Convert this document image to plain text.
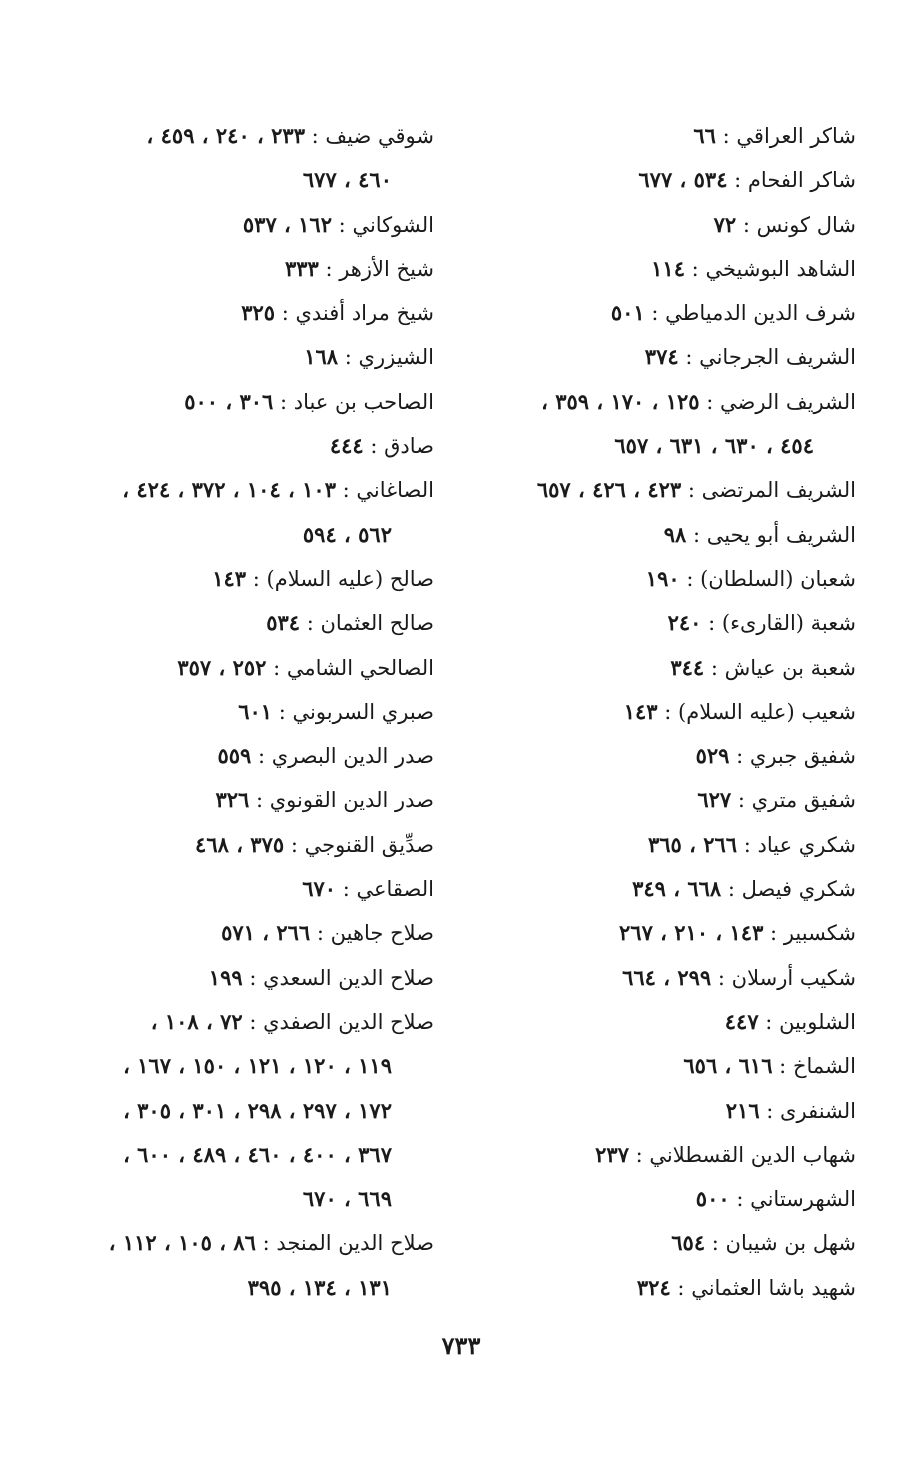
شاكر العراقي : ٦٦
شاكر الفحام : ٥٣٤ ، ٦٧٧
شال كونس : ٧٢
الشاهد البوشيخي : ١١٤
شرف الدين الدمياطي : ٥٠١
الشريف الجرجاني : ٣٧٤
الشريف الرضي : ١٢٥ ، ١٧٠ ، ٣٥٩ ،
٤٥٤ ، ٦٣٠ ، ٦٣١ ، ٦٥٧
الشريف المرتضى : ٤٢٣ ، ٤٢٦ ، ٦٥٧
الشريف أبو يحيى : ٩٨
شعبان (السلطان) : ١٩٠
شعبة (القارىء) : ٢٤٠
شعبة بن عياش : ٣٤٤
شعيب (عليه السلام) : ١٤٣
شفيق جبري : ٥٢٩
شفيق متري : ٦٢٧
شكري عياد : ٢٦٦ ، ٣٦٥
شكري فيصل : ٦٦٨ ، ٣٤٩
شكسبير : ١٤٣ ، ٢١٠ ، ٢٦٧
شكيب أرسلان : ٢٩٩ ، ٦٦٤
الشلوبين : ٤٤٧
الشماخ : ٦١٦ ، ٦٥٦
الشنفرى : ٢١٦
شهاب الدين القسطلاني : ٢٣٧
الشهرستاني : ٥٠٠
شهل بن شيبان : ٦٥٤
شهيد باشا العثماني : ٣٢٤
شوقي ضيف : ٢٣٣ ، ٢٤٠ ، ٤٥٩ ،
٤٦٠ ، ٦٧٧
الشوكاني : ١٦٢ ، ٥٣٧
شيخ الأزهر : ٣٣٣
شيخ مراد أفندي : ٣٢٥
الشيزري : ١٦٨
الصاحب بن عباد : ٣٠٦ ، ٥٠٠
صادق : ٤٤٤
الصاغاني : ١٠٣ ، ١٠٤ ، ٣٧٢ ، ٤٢٤ ،
٥٦٢ ، ٥٩٤
صالح (عليه السلام) : ١٤٣
صالح العثمان : ٥٣٤
الصالحي الشامي : ٢٥٢ ، ٣٥٧
صبري السربوني : ٦٠١
صدر الدين البصري : ٥٥٩
صدر الدين القونوي : ٣٢٦
صدِّيق القنوجي : ٣٧٥ ، ٤٦٨
الصقاعي : ٦٧٠
صلاح جاهين : ٢٦٦ ، ٥٧١
صلاح الدين السعدي : ١٩٩
صلاح الدين الصفدي : ٧٢ ، ١٠٨ ،
١١٩ ، ١٢٠ ، ١٢١ ، ١٥٠ ، ١٦٧ ،
١٧٢ ، ٢٩٧ ، ٢٩٨ ، ٣٠١ ، ٣٠٥ ،
٣٦٧ ، ٤٠٠ ، ٤٦٠ ، ٤٨٩ ، ٦٠٠ ،
٦٦٩ ، ٦٧٠
صلاح الدين المنجد : ٨٦ ، ١٠٥ ، ١١٢ ،
١٣١ ، ١٣٤ ، ٣٩٥
٧٣٣
